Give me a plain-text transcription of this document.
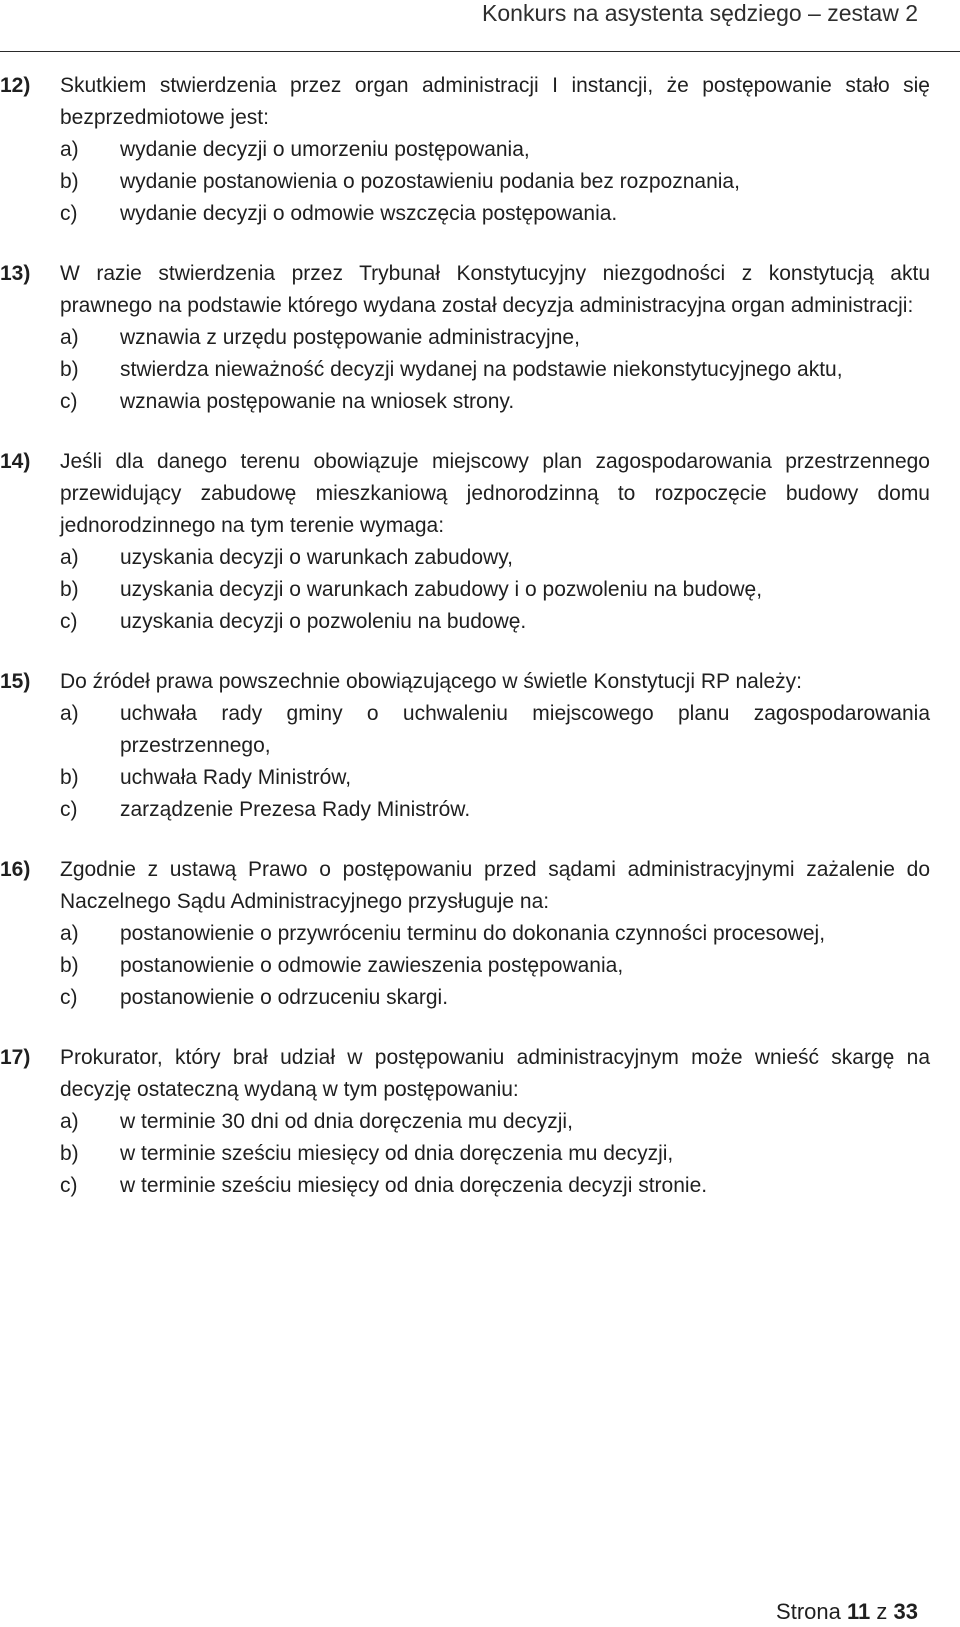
Konkurs na asystenta sędziego – zestaw 2
12) Skutkiem stwierdzenia przez organ administracji I instancji, że postępowanie stało się bezprzedmiotowe jest:
a) wydanie decyzji o umorzeniu postępowania,
b) wydanie postanowienia o pozostawieniu podania bez rozpoznania,
c) wydanie decyzji o odmowie wszczęcia postępowania.
13) W razie stwierdzenia przez Trybunał Konstytucyjny niezgodności z konstytucją aktu prawnego na podstawie którego wydana został decyzja administracyjna organ administracji:
a) wznawia z urzędu postępowanie administracyjne,
b) stwierdza nieważność decyzji wydanej na podstawie niekonstytucyjnego aktu,
c) wznawia postępowanie na wniosek strony.
14) Jeśli dla danego terenu obowiązuje miejscowy plan zagospodarowania przestrzennego przewidujący zabudowę mieszkaniową jednorodzinną to rozpoczęcie budowy domu jednorodzinnego na tym terenie wymaga:
a) uzyskania decyzji o warunkach zabudowy,
b) uzyskania decyzji o warunkach zabudowy i o pozwoleniu na budowę,
c) uzyskania decyzji o pozwoleniu na budowę.
15) Do źródeł prawa powszechnie obowiązującego w świetle Konstytucji RP należy:
a) uchwała rady gminy o uchwaleniu miejscowego planu zagospodarowania przestrzennego,
b) uchwała Rady Ministrów,
c) zarządzenie Prezesa Rady Ministrów.
16) Zgodnie z ustawą Prawo o postępowaniu przed sądami administracyjnymi zażalenie do Naczelnego Sądu Administracyjnego przysługuje na:
a) postanowienie o przywróceniu terminu do dokonania czynności procesowej,
b) postanowienie o odmowie zawieszenia postępowania,
c) postanowienie o odrzuceniu skargi.
17) Prokurator, który brał udział w postępowaniu administracyjnym może wnieść skargę na decyzję ostateczną wydaną w tym postępowaniu:
a) w terminie 30 dni od dnia doręczenia mu decyzji,
b) w terminie sześciu miesięcy od dnia doręczenia mu decyzji,
c) w terminie sześciu miesięcy od dnia doręczenia decyzji stronie.
Strona 11 z 33
